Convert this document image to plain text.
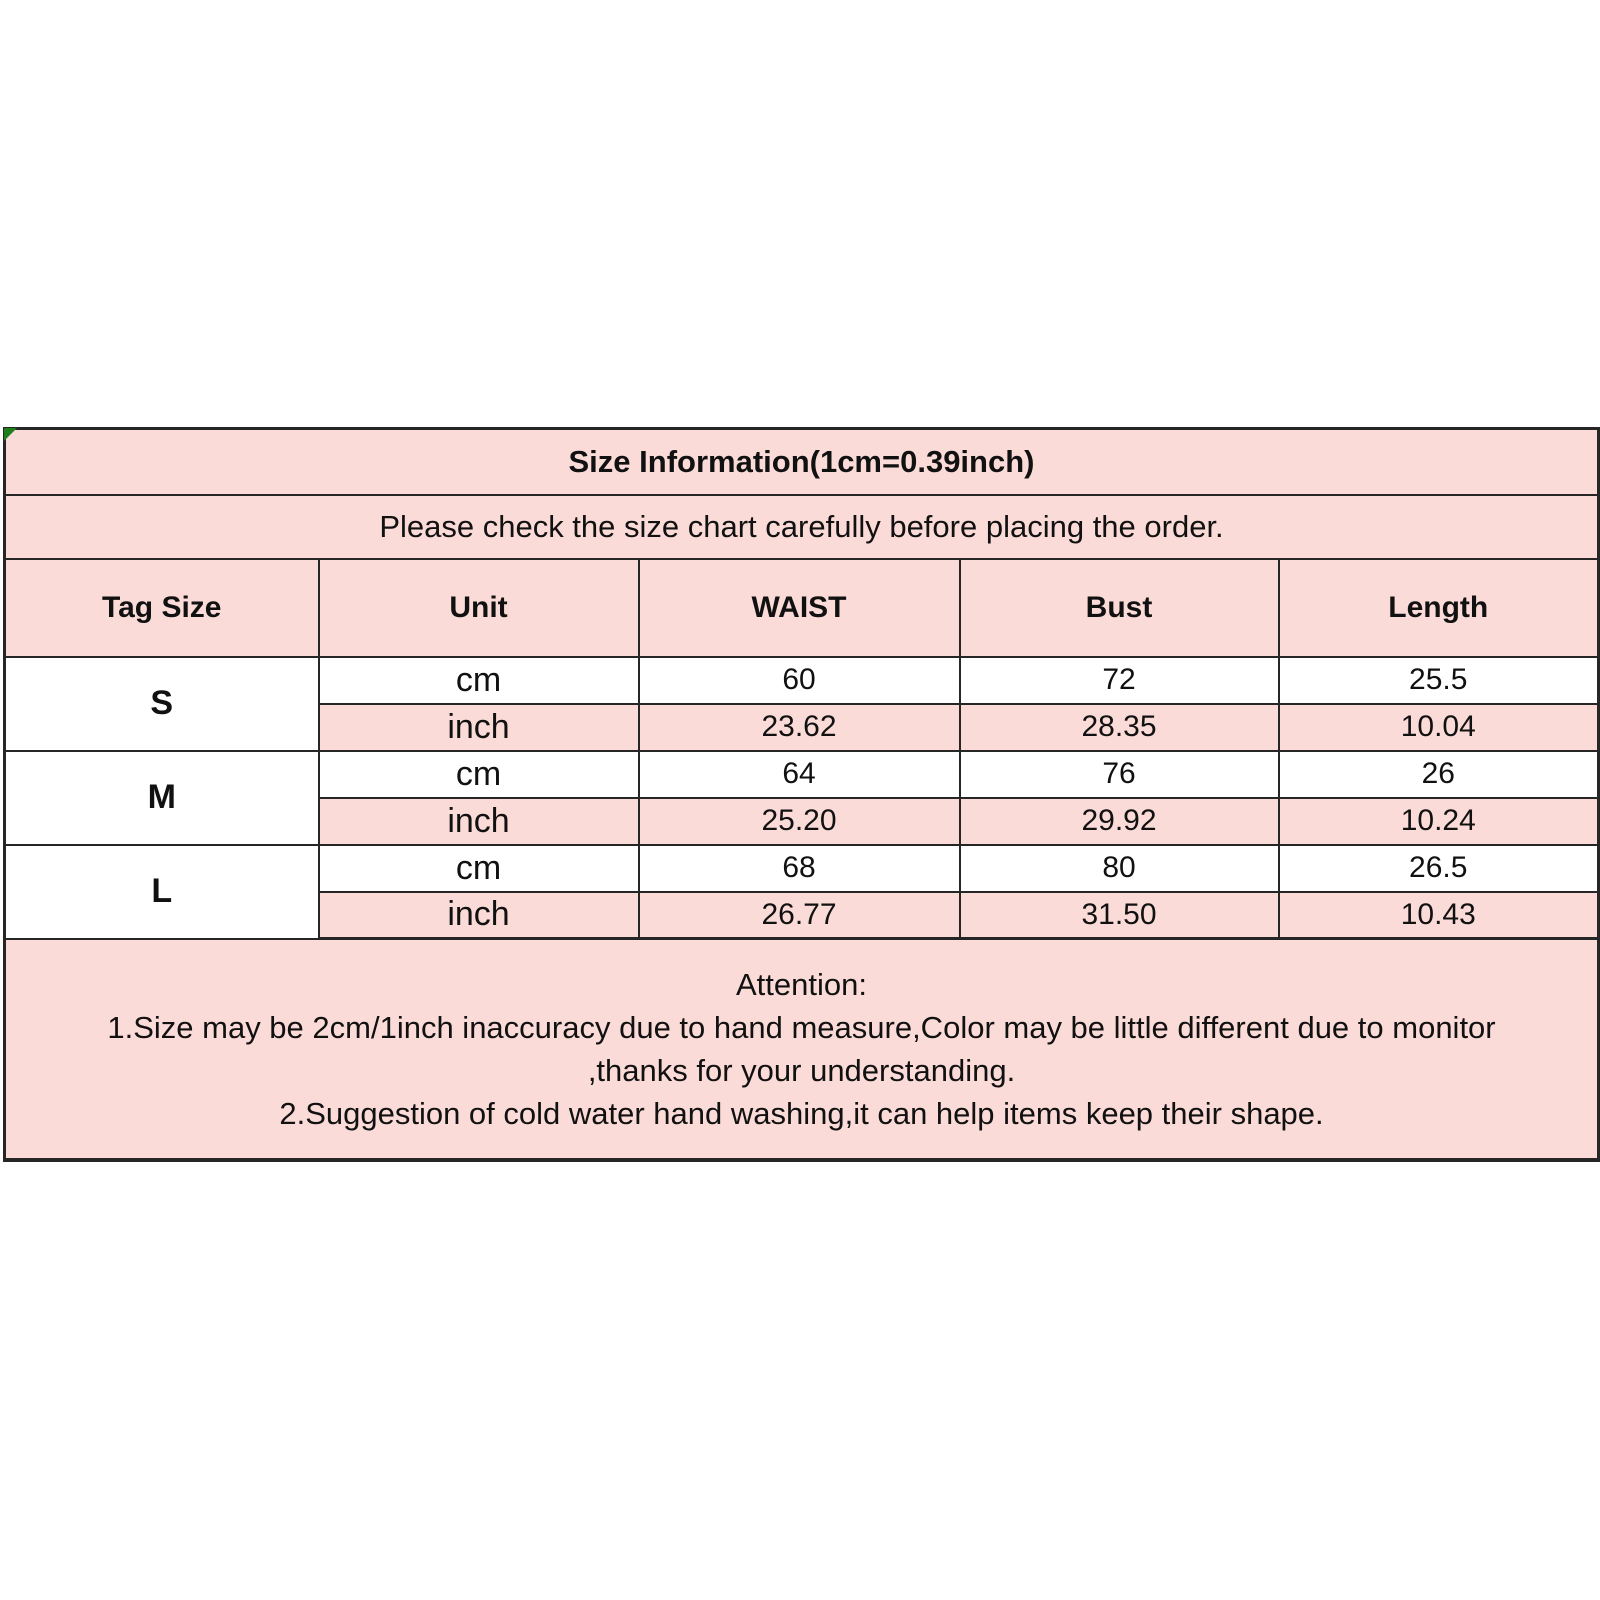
Size Information(1cm=0.39inch)				
Please check the size chart carefully before placing the order.				
Tag Size	Unit	WAIST	Bust	Length
S	cm	60	72	25.5
	inch	23.62	28.35	10.04
M	cm	64	76	26
	inch	25.20	29.92	10.24
L	cm	68	80	26.5
	inch	26.77	31.50	10.43

Attention:
1.Size may be 2cm/1inch inaccuracy due to hand measure,Color may be little different due to monitor
,thanks for your understanding.
2.Suggestion of cold water hand washing,it can help items keep their shape.				
